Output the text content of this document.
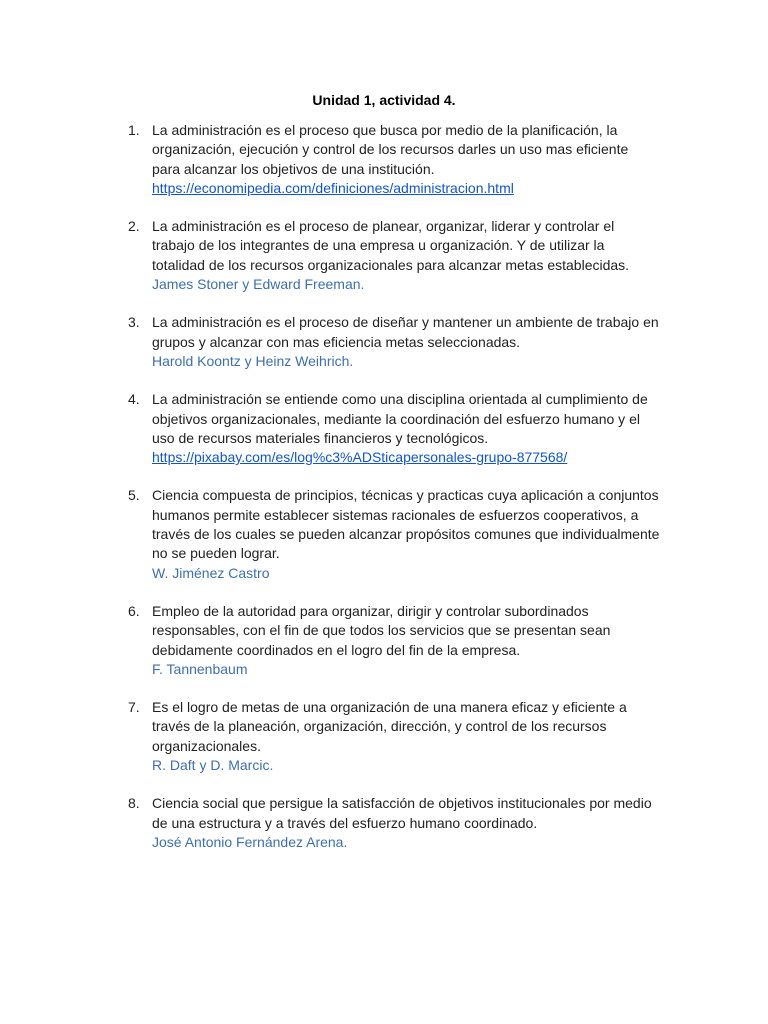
Unidad 1, actividad 4.
1. La administración es el proceso que busca por medio de la planificación, la organización, ejecución y control de los recursos darles un uso mas eficiente para alcanzar los objetivos de una institución.
https://economipedia.com/definiciones/administracion.html
2. La administración es el proceso de planear, organizar, liderar y controlar el trabajo de los integrantes de una empresa u organización. Y de utilizar la totalidad de los recursos organizacionales para alcanzar metas establecidas.
James Stoner y Edward Freeman.
3. La administración es el proceso de diseñar y mantener un ambiente de trabajo en grupos y alcanzar con mas eficiencia metas seleccionadas.
Harold Koontz y Heinz Weihrich.
4. La administración se entiende como una disciplina orientada al cumplimiento de objetivos organizacionales, mediante la coordinación del esfuerzo humano y el uso de recursos materiales financieros y tecnológicos.
https://pixabay.com/es/log%c3%ADSticapersonales-grupo-877568/
5. Ciencia compuesta de principios, técnicas y practicas cuya aplicación a conjuntos humanos permite establecer sistemas racionales de esfuerzos cooperativos, a través de los cuales se pueden alcanzar propósitos comunes que individualmente no se pueden lograr.
W. Jiménez Castro
6. Empleo de la autoridad para organizar, dirigir y controlar subordinados responsables, con el fin de que todos los servicios que se presentan sean debidamente coordinados en el logro del fin de la empresa.
F. Tannenbaum
7. Es el logro de metas de una organización de una manera eficaz y eficiente a través de la planeación, organización, dirección, y control de los recursos organizacionales.
R. Daft y D. Marcic.
8. Ciencia social que persigue la satisfacción de objetivos institucionales por medio de una estructura y a través del esfuerzo humano coordinado.
José Antonio Fernández Arena.
